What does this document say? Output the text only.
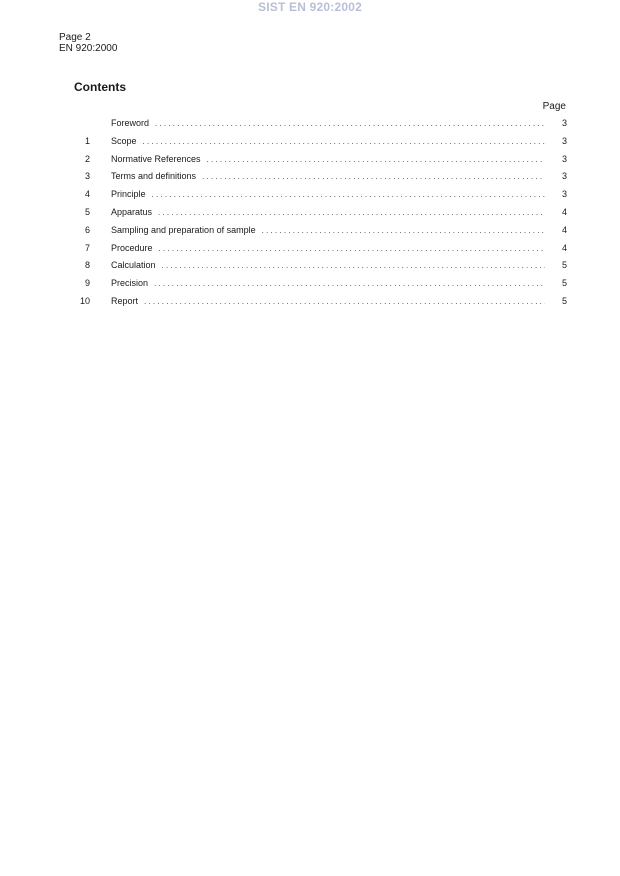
SIST EN 920:2002
Page 2
EN 920:2000
Contents
Page
Foreword . . .	3
1 Scope . . .	3
2 Normative References . . .	3
3 Terms and definitions . . .	3
4 Principle . . .	3
5 Apparatus . . .	4
6 Sampling and preparation of sample . . .	4
7 Procedure . . .	4
8 Calculation . . .	5
9 Precision . . .	5
10 Report . . .	5
